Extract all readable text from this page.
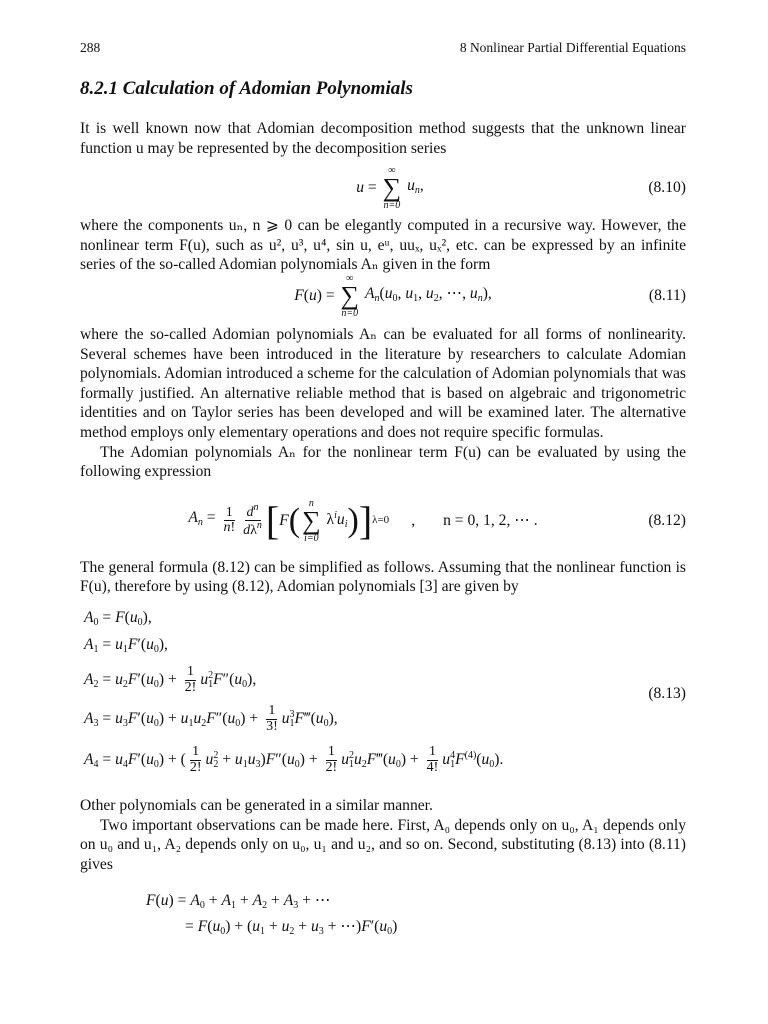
288	8 Nonlinear Partial Differential Equations
8.2.1 Calculation of Adomian Polynomials

It is well known now that Adomian decomposition method suggests that the unknown linear function u may be represented by the decomposition series

u =
∞
∑
n=0
$u_n$,	(8.10)

where the components uₙ, n ⩾ 0 can be elegantly computed in a recursive way. However, the nonlinear term F(u), such as u², u³, u⁴, sin u, eᵘ, uuₓ, uₓ², etc. can be expressed by an infinite series of the so-called Adomian polynomials Aₙ given in the form

F(u) =
∞
∑
n=0
$A_n(u_0$, $u_1$, $u_2$, ⋯, $u_n$),	(8.11)

where the so-called Adomian polynomials Aₙ can be evaluated for all forms of nonlinearity. Several schemes have been introduced in the literature by researchers to calculate Adomian polynomials. Adomian introduced a scheme for the calculation of Adomian polynomials that was formally justified. An alternative reliable method that is based on algebraic and trigonometric identities and on Taylor series has been developed and will be examined later. The alternative method employs only elementary operations and does not require specific formulas.

The Adomian polynomials Aₙ for the nonlinear term F(u) can be evaluated by using the following expression

$A_n = \frac{1}{n!} \frac{d^n}{d\lambda^n}$ [ F ( n
∑
i=0
$\lambda^iu_i$ ) ] λ=0 , n = 0, 1, 2, ⋯ .	(8.12)

The general formula (8.12) can be simplified as follows. Assuming that the nonlinear function is F(u), therefore by using (8.12), Adomian polynomials [3] are given by

$A_0 = F(u_0)$,
$A_1 = u_1F'(u_0)$,
$A_2 = u_2F'(u_0) + \frac{1}{2!} u_1^2F''(u_0)$,
$A_3 = u_3F'(u_0) + u_1u_2F''(u_0) + \frac{1}{3!}$ $u_1^3F‴(u_0)$,
$A_4 = u_4F'(u_0)$ + ( $\frac{1}{2!} u_2^2 + u_1u_3)F''(u_0) + \frac{1}{2!}$ $u_1^2u_2F‴(u_0) + \frac{1}{4!} u_1^4F^{(4)}(u_0)$.
(8.13)

Other polynomials can be generated in a similar manner.

Two important observations can be made here. First, A₀ depends only on u₀, A₁ depends only on u₀ and u₁, A₂ depends only on u₀, u₁ and u₂, and so on. Second, substituting (8.13) into (8.11) gives

$F(u) = A_0 + A_1 + A_2 + A_3$ + ⋯
= $F(u_0) + (u_1 + u_2 + u_3$ + $\cdots)F'(u_0)$
